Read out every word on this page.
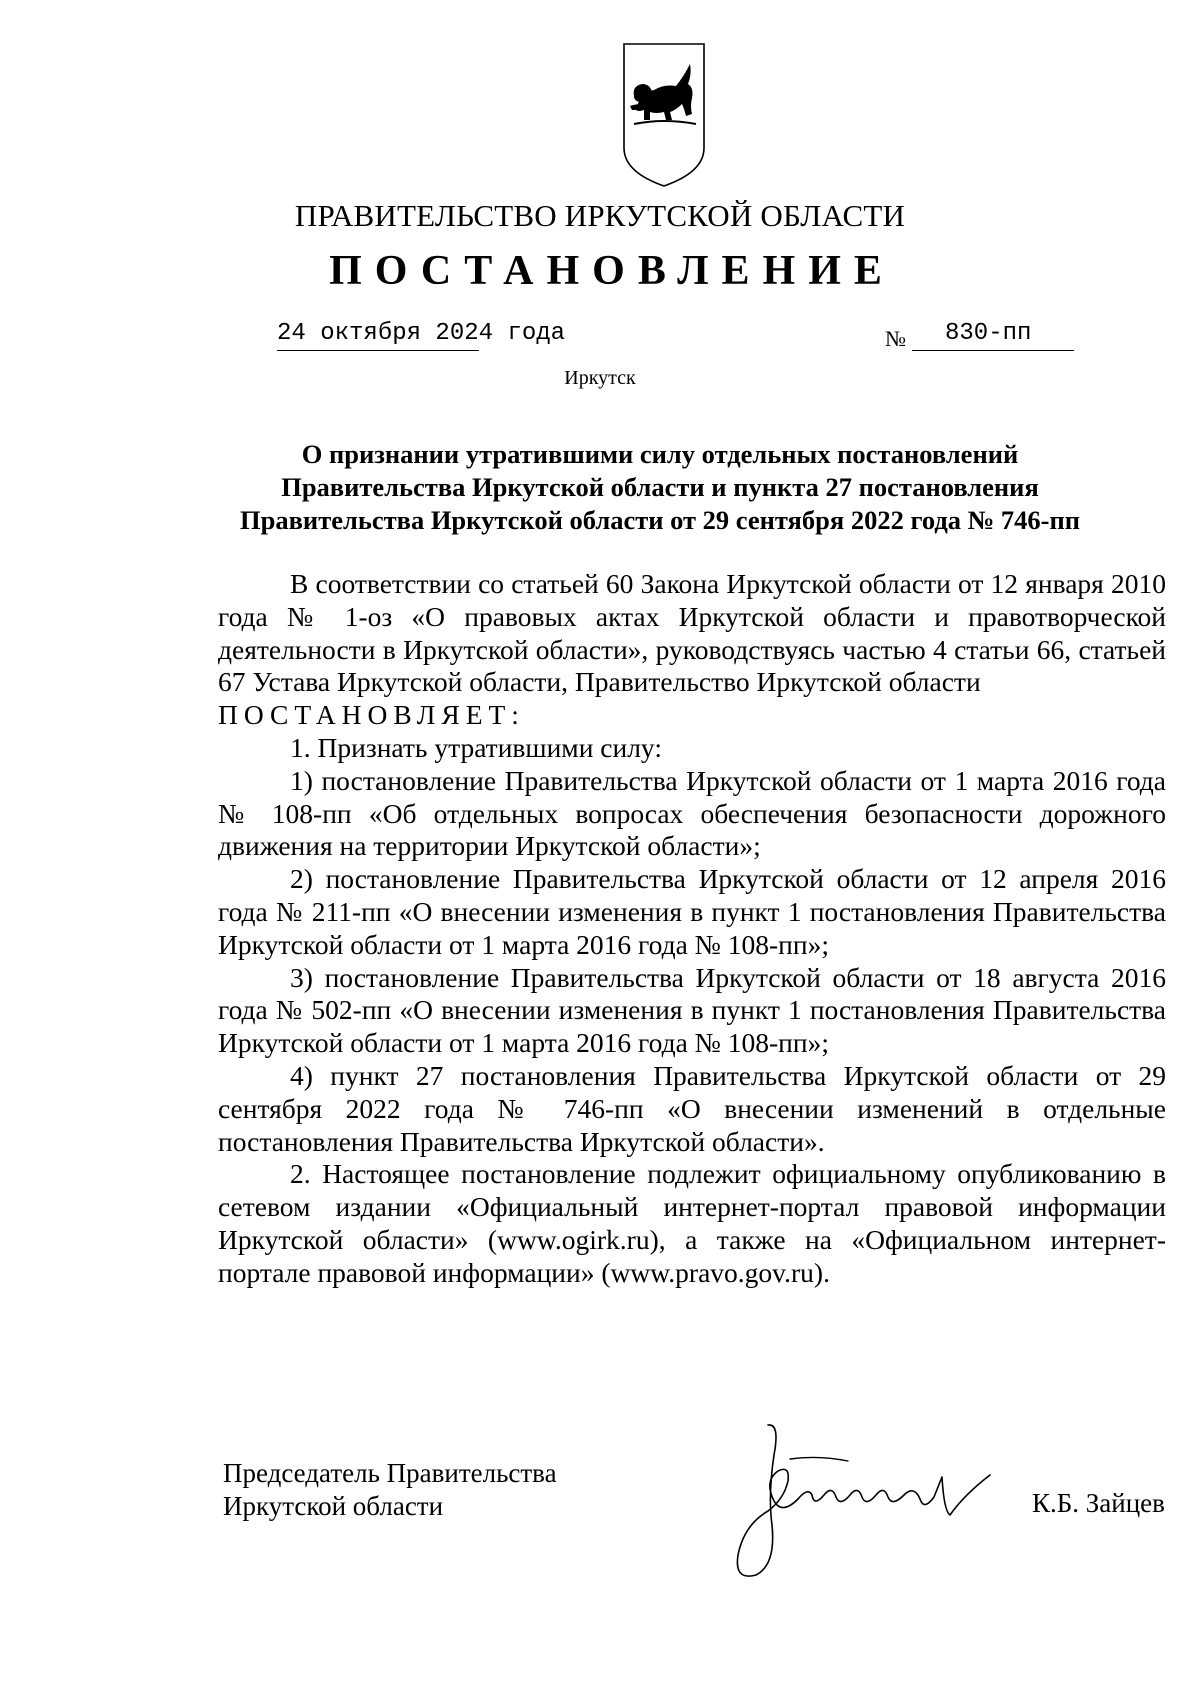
ПРАВИТЕЛЬСТВО ИРКУТСКОЙ ОБЛАСТИ
ПОСТАНОВЛЕНИЕ
24 октября 2024 года	№ 830-пп
Иркутск
О признании утратившими силу отдельных постановлений
Правительства Иркутской области и пункта 27 постановления
Правительства Иркутской области от 29 сентября 2022 года № 746-пп

В соответствии со статьей 60 Закона Иркутской области от 12 января 2010 года № 1-оз «О правовых актах Иркутской области и правотворческой деятельности в Иркутской области», руководствуясь частью 4 статьи 66, статьей 67 Устава Иркутской области, Правительство Иркутской области

ПОСТАНОВЛЯЕТ:

1. Признать утратившими силу:

1) постановление Правительства Иркутской области от 1 марта 2016 года № 108-пп «Об отдельных вопросах обеспечения безопасности дорожного движения на территории Иркутской области»;

2) постановление Правительства Иркутской области от 12 апреля 2016 года № 211-пп «О внесении изменения в пункт 1 постановления Правительства Иркутской области от 1 марта 2016 года № 108-пп»;

3) постановление Правительства Иркутской области от 18 августа 2016 года № 502-пп «О внесении изменения в пункт 1 постановления Правительства Иркутской области от 1 марта 2016 года № 108-пп»;

4) пункт 27 постановления Правительства Иркутской области от 29 сентября 2022 года № 746-пп «О внесении изменений в отдельные постановления Правительства Иркутской области».

2. Настоящее постановление подлежит официальному опубликованию в сетевом издании «Официальный интернет-портал правовой информации Иркутской области» (www.ogirk.ru), а также на «Официальном интернет-портале правовой информации» (www.pravo.gov.ru).

Председатель Правительства
Иркутской области	К.Б. Зайцев
